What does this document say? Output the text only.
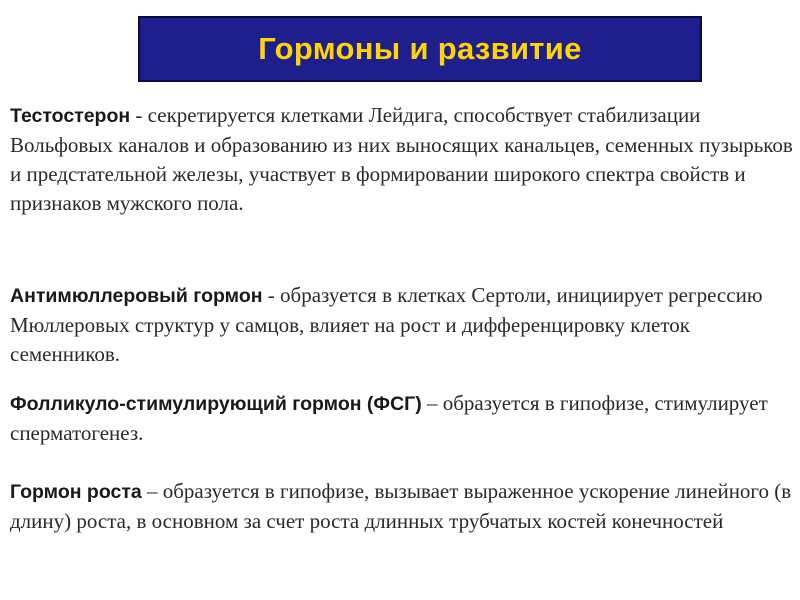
Гормоны и развитие
Тестостерон - секретируется клетками Лейдига, способствует стабилизации Вольфовых каналов и образованию из них выносящих канальцев, семенных пузырьков и предстательной железы, участвует в формировании широкого спектра свойств и признаков мужского пола.
Антимюллеровый гормон - образуется в клетках Сертоли, инициирует регрессию Мюллеровых структур у самцов, влияет на рост и дифференцировку клеток семенников.
Фолликуло-стимулирующий гормон (ФСГ) – образуется в гипофизе, стимулирует сперматогенез.
Гормон роста – образуется в гипофизе, вызывает выраженное ускорение линейного (в длину) роста, в основном за счет роста длинных трубчатых костей конечностей
